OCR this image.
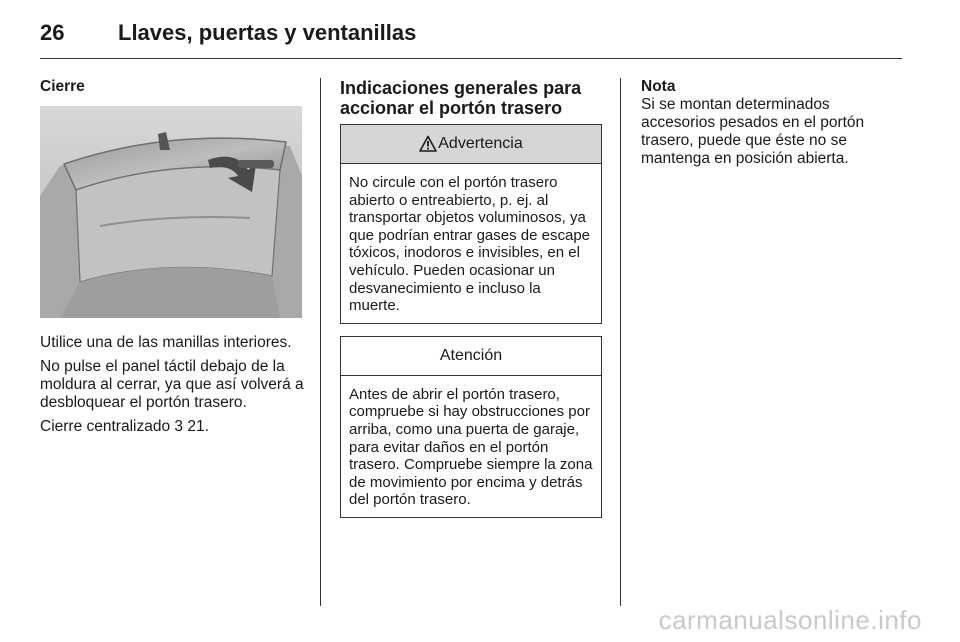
26 Llaves, puertas y ventanillas

Cierre

Utilice una de las manillas interiores.

No pulse el panel táctil debajo de la moldura al cerrar, ya que así volverá a desbloquear el portón trasero.

Cierre centralizado 3 21.

Indicaciones generales para accionar el portón trasero

Advertencia
No circule con el portón trasero abierto o entreabierto, p. ej. al transportar objetos voluminosos, ya que podrían entrar gases de escape tóxicos, inodoros e invisibles, en el vehículo. Pueden ocasionar un desvanecimiento e incluso la muerte.
Atención
Antes de abrir el portón trasero, compruebe si hay obstrucciones por arriba, como una puerta de garaje, para evitar daños en el portón trasero. Compruebe siempre la zona de movimiento por encima y detrás del portón trasero.
Nota
Si se montan determinados accesorios pesados en el portón trasero, puede que éste no se mantenga en posición abierta.
carmanualsonline.info
